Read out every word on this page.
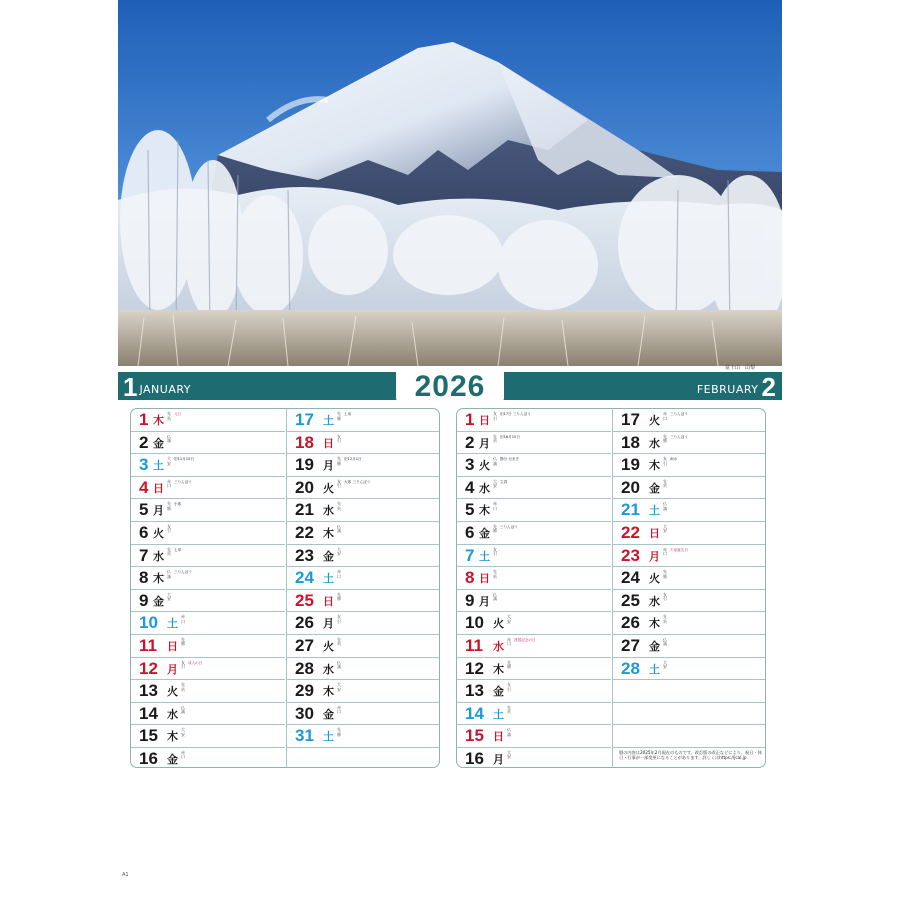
富士山　山梨
1 JANUARY	2026	FEBRUARY 2
1 木
先負
元日
2 金
仏滅
3 土
大安
旧11月15日
4 日
赤口
三りんぼう
5 月
先勝
小寒
6 火
友引
7 水
先負
七草
8 木
仏滅
三りんぼう
9 金
大安
10 土
赤口
11 日
先勝
12 月
友引
成人の日
13 火
先負
14 水
仏滅
15 木
大安
16 金
赤口
17 土
先勝
土用
18 日
友引
19 月
先勝
旧12月1日
20 火
友引
大寒 三りんぼう
21 水
先負
22 木
仏滅
23 金
大安
24 土
赤口
25 日
先勝
26 月
友引
27 火
先負
28 水
仏滅
29 木
大安
30 金
赤口
31 土
先勝
1 日
友引
旧17日 三りんぼう
2 月
先負
旧16月15日
3 火
仏滅
節分 豆まき
4 水
大安
立春
5 木
赤口
6 金
先勝
三りんぼう
7 土
友引
8 日
先負
9 月
仏滅
10 火
大安
11 水
赤口
建国記念の日
12 木
先勝
13 金
友引
14 土
先負
15 日
仏滅
16 月
大安
17 火
赤口
三りんぼう
18 水
先勝
三りんぼう
19 木
友引
雨水
20 金
先負
21 土
仏滅
22 日
大安
23 月
赤口
天皇誕生日
24 火
先勝
25 水
友引
26 木
先負
27 金
仏滅
28 土
大安
暦の内容は2025年2月現在のものです。改訂版の改正などにより、祝日・休日・行事が一部変更になることがあります。詳しくはhttps://jcal.jp
A1
